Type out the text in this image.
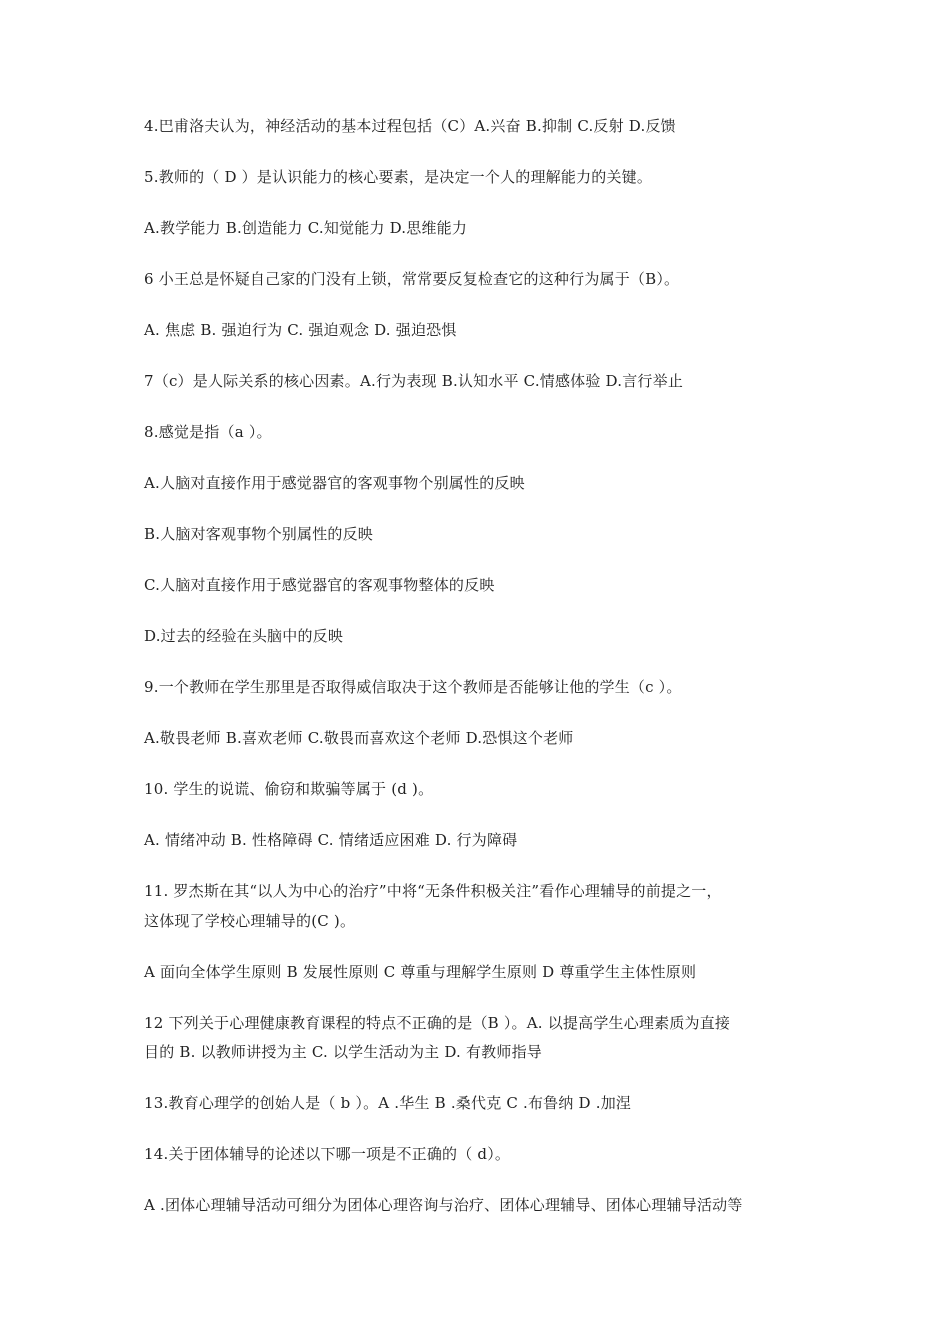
4.巴甫洛夫认为，神经活动的基本过程包括（C）A.兴奋 B.抑制 C.反射 D.反馈
5.教师的（ D ）是认识能力的核心要素，是决定一个人的理解能力的关键。
A.教学能力 B.创造能力 C.知觉能力 D.思维能力
6 小王总是怀疑自己家的门没有上锁，常常要反复检查它的这种行为属于（B）。
A. 焦虑 B. 强迫行为 C. 强迫观念 D. 强迫恐惧
7（c）是人际关系的核心因素。A.行为表现 B.认知水平 C.情感体验 D.言行举止
8.感觉是指（a ）。
A.人脑对直接作用于感觉器官的客观事物个别属性的反映
B.人脑对客观事物个别属性的反映
C.人脑对直接作用于感觉器官的客观事物整体的反映
D.过去的经验在头脑中的反映
9.一个教师在学生那里是否取得威信取决于这个教师是否能够让他的学生（c ）。
A.敬畏老师 B.喜欢老师 C.敬畏而喜欢这个老师 D.恐惧这个老师
10. 学生的说谎、偷窃和欺骗等属于 (d )。
A. 情绪冲动 B. 性格障碍 C. 情绪适应困难 D. 行为障碍
11. 罗杰斯在其“以人为中心的治疗”中将“无条件积极关注”看作心理辅导的前提之一，
这体现了学校心理辅导的(C )。
A 面向全体学生原则 B 发展性原则 C 尊重与理解学生原则 D 尊重学生主体性原则
12 下列关于心理健康教育课程的特点不正确的是（B ）。A. 以提高学生心理素质为直接
目的 B. 以教师讲授为主 C. 以学生活动为主 D. 有教师指导
13.教育心理学的创始人是（ b ）。A .华生 B .桑代克 C .布鲁纳 D .加涅
14.关于团体辅导的论述以下哪一项是不正确的（ d）。
A .团体心理辅导活动可细分为团体心理咨询与治疗、团体心理辅导、团体心理辅导活动等
